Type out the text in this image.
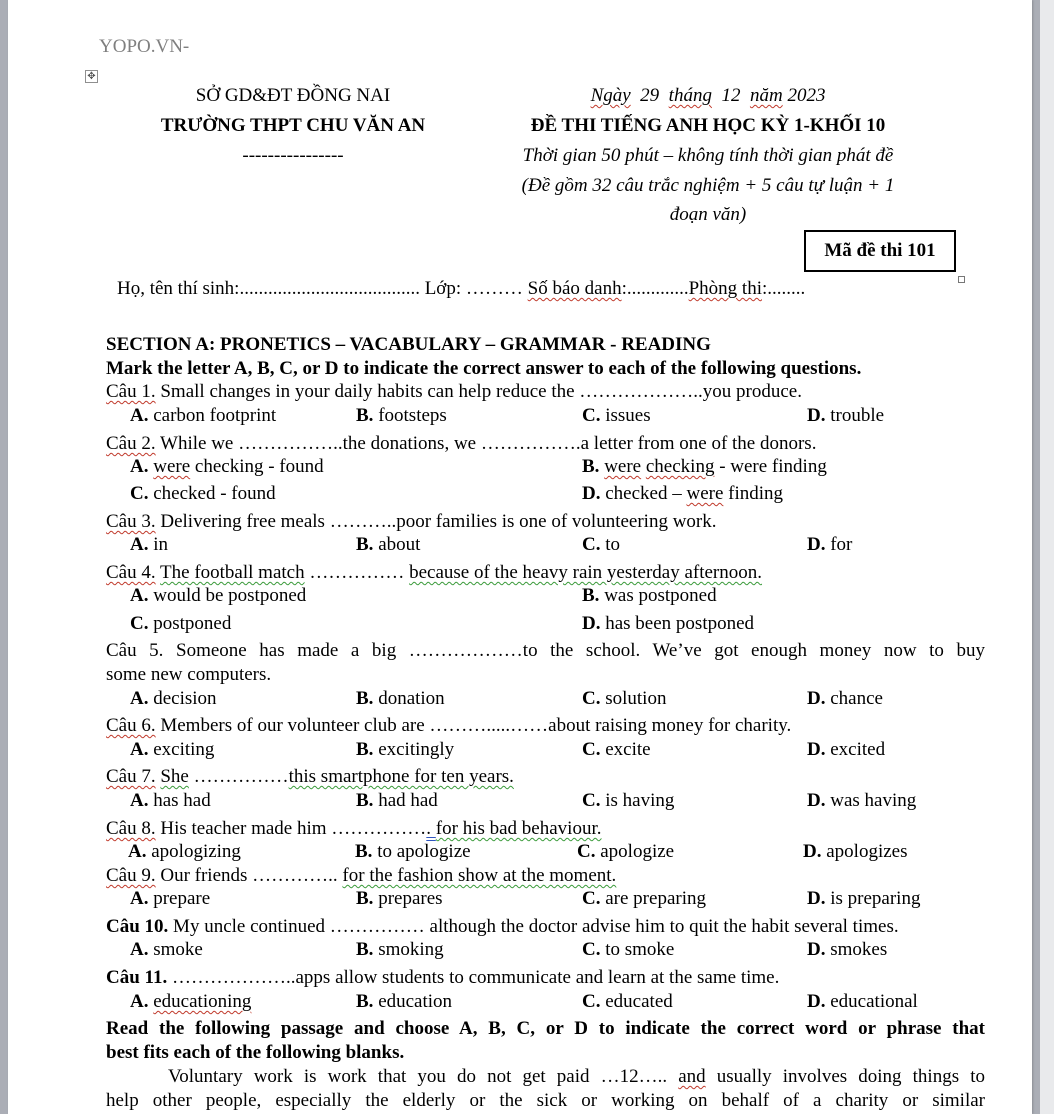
YOPO.VN-
✥
SỞ GD&ĐT ĐỒNG NAI
TRƯỜNG THPT CHU VĂN AN
----------------
Ngày 29 tháng 12 năm 2023
ĐỀ THI TIẾNG ANH HỌC KỲ 1-KHỐI 10
Thời gian 50 phút – không tính thời gian phát đề
(Đề gồm 32 câu trắc nghiệm + 5 câu tự luận + 1
đoạn văn)
Mã đề thi 101
Họ, tên thí sinh:...................................... Lớp: ……… Số báo danh:.............Phòng thi:........
SECTION A: PRONETICS – VACABULARY – GRAMMAR - READING
Mark the letter A, B, C, or D to indicate the correct answer to each of the following questions.
Câu 1. Small changes in your daily habits can help reduce the ………………..you produce.
A. carbon footprint	B. footsteps	C. issues	D. trouble
Câu 2. While we ……………..the donations, we …………….a letter from one of the donors.
A. were checking - found	B. were checking - were finding
C. checked - found	D. checked – were finding
Câu 3. Delivering free meals ………..poor families is one of volunteering work.
A. in	B. about	C. to	D. for
Câu 4. The football match …………… because of the heavy rain yesterday afternoon.
A. would be postponed	B. was postponed
C. postponed	D. has been postponed
Câu 5. Someone has made a big ………………to the school. We’ve got enough money now to buy
some new computers.
A. decision	B. donation	C. solution	D. chance
Câu 6. Members of our volunteer club are ……….....……about raising money for charity.
A. exciting	B. excitingly	C. excite	D. excited
Câu 7. She ……………this smartphone for ten years.
A. has had	B. had had	C. is having	D. was having
Câu 8. His teacher made him ……………. for his bad behaviour.
A. apologizing	B. to apologize	C. apologize	D. apologizes
Câu 9. Our friends ………….. for the fashion show at the moment.
A. prepare	B. prepares	C. are preparing	D. is preparing
Câu 10. My uncle continued …………… although the doctor advise him to quit the habit several times.
A. smoke	B. smoking	C. to smoke	D. smokes
Câu 11. ………………..apps allow students to communicate and learn at the same time.
A. educationing	B. education	C. educated	D. educational
Read the following passage and choose A, B, C, or D to indicate the correct word or phrase that
best fits each of the following blanks.
Voluntary work is work that you do not get paid …12….. and usually involves doing things to
help other people, especially the elderly or the sick or working on behalf of a charity or similar
